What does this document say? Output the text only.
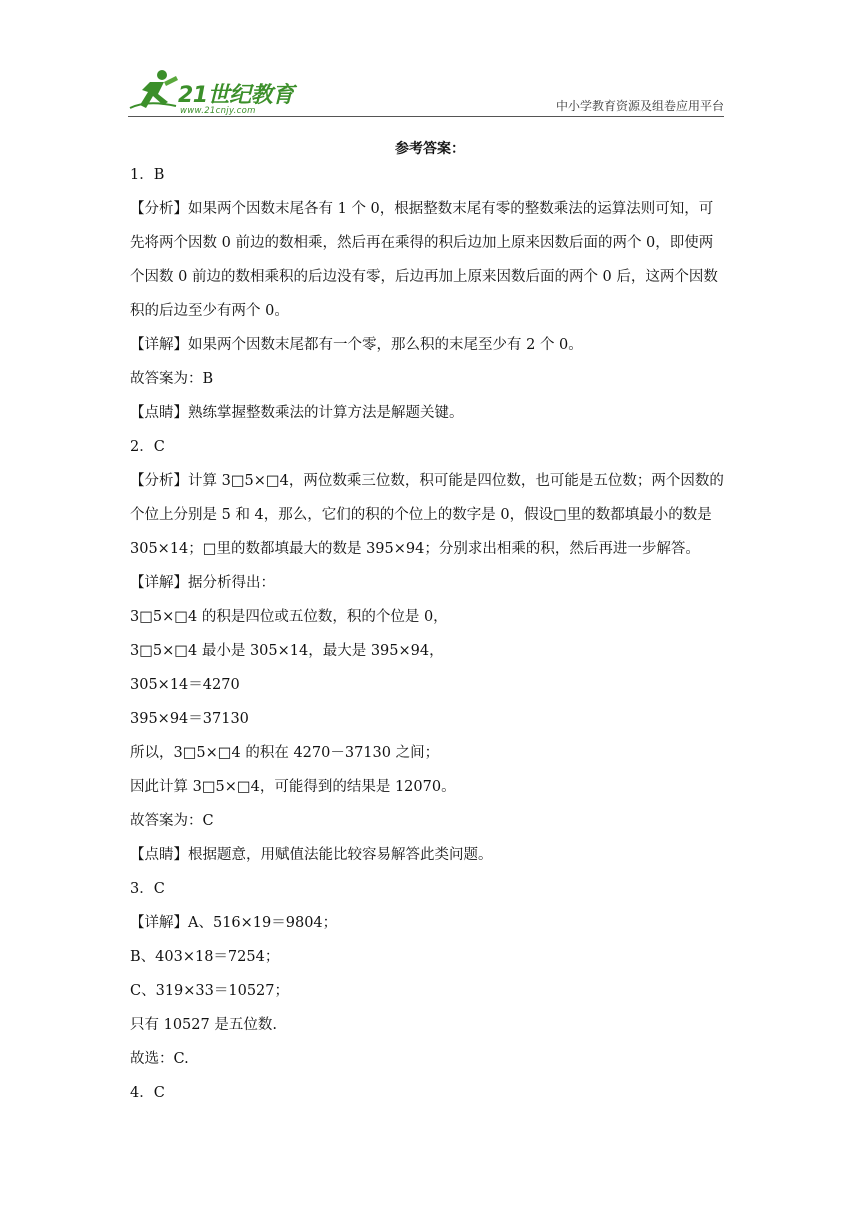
21世纪教育
www.21cnjy.com	中小学教育资源及组卷应用平台
参考答案：
1．B
【分析】如果两个因数末尾各有 1 个 0，根据整数末尾有零的整数乘法的运算法则可知，可
先将两个因数 0 前边的数相乘，然后再在乘得的积后边加上原来因数后面的两个 0，即使两
个因数 0 前边的数相乘积的后边没有零，后边再加上原来因数后面的两个 0 后，这两个因数
积的后边至少有两个 0。
【详解】如果两个因数末尾都有一个零，那么积的末尾至少有 2 个 0。
故答案为：B
【点睛】熟练掌握整数乘法的计算方法是解题关键。
2．C
【分析】计算 3□5×□4，两位数乘三位数，积可能是四位数，也可能是五位数；两个因数的
个位上分别是 5 和 4，那么，它们的积的个位上的数字是 0，假设□里的数都填最小的数是
305×14；□里的数都填最大的数是 395×94；分别求出相乘的积，然后再进一步解答。
【详解】据分析得出：
3□5×□4 的积是四位或五位数，积的个位是 0，
3□5×□4 最小是 305×14，最大是 395×94，
305×14＝4270
395×94＝37130
所以，3□5×□4 的积在 4270－37130 之间；
因此计算 3□5×□4，可能得到的结果是 12070。
故答案为：C
【点睛】根据题意，用赋值法能比较容易解答此类问题。
3．C
【详解】A、516×19＝9804；
B、403×18＝7254；
C、319×33＝10527；
只有 10527 是五位数.
故选：C.
4．C
